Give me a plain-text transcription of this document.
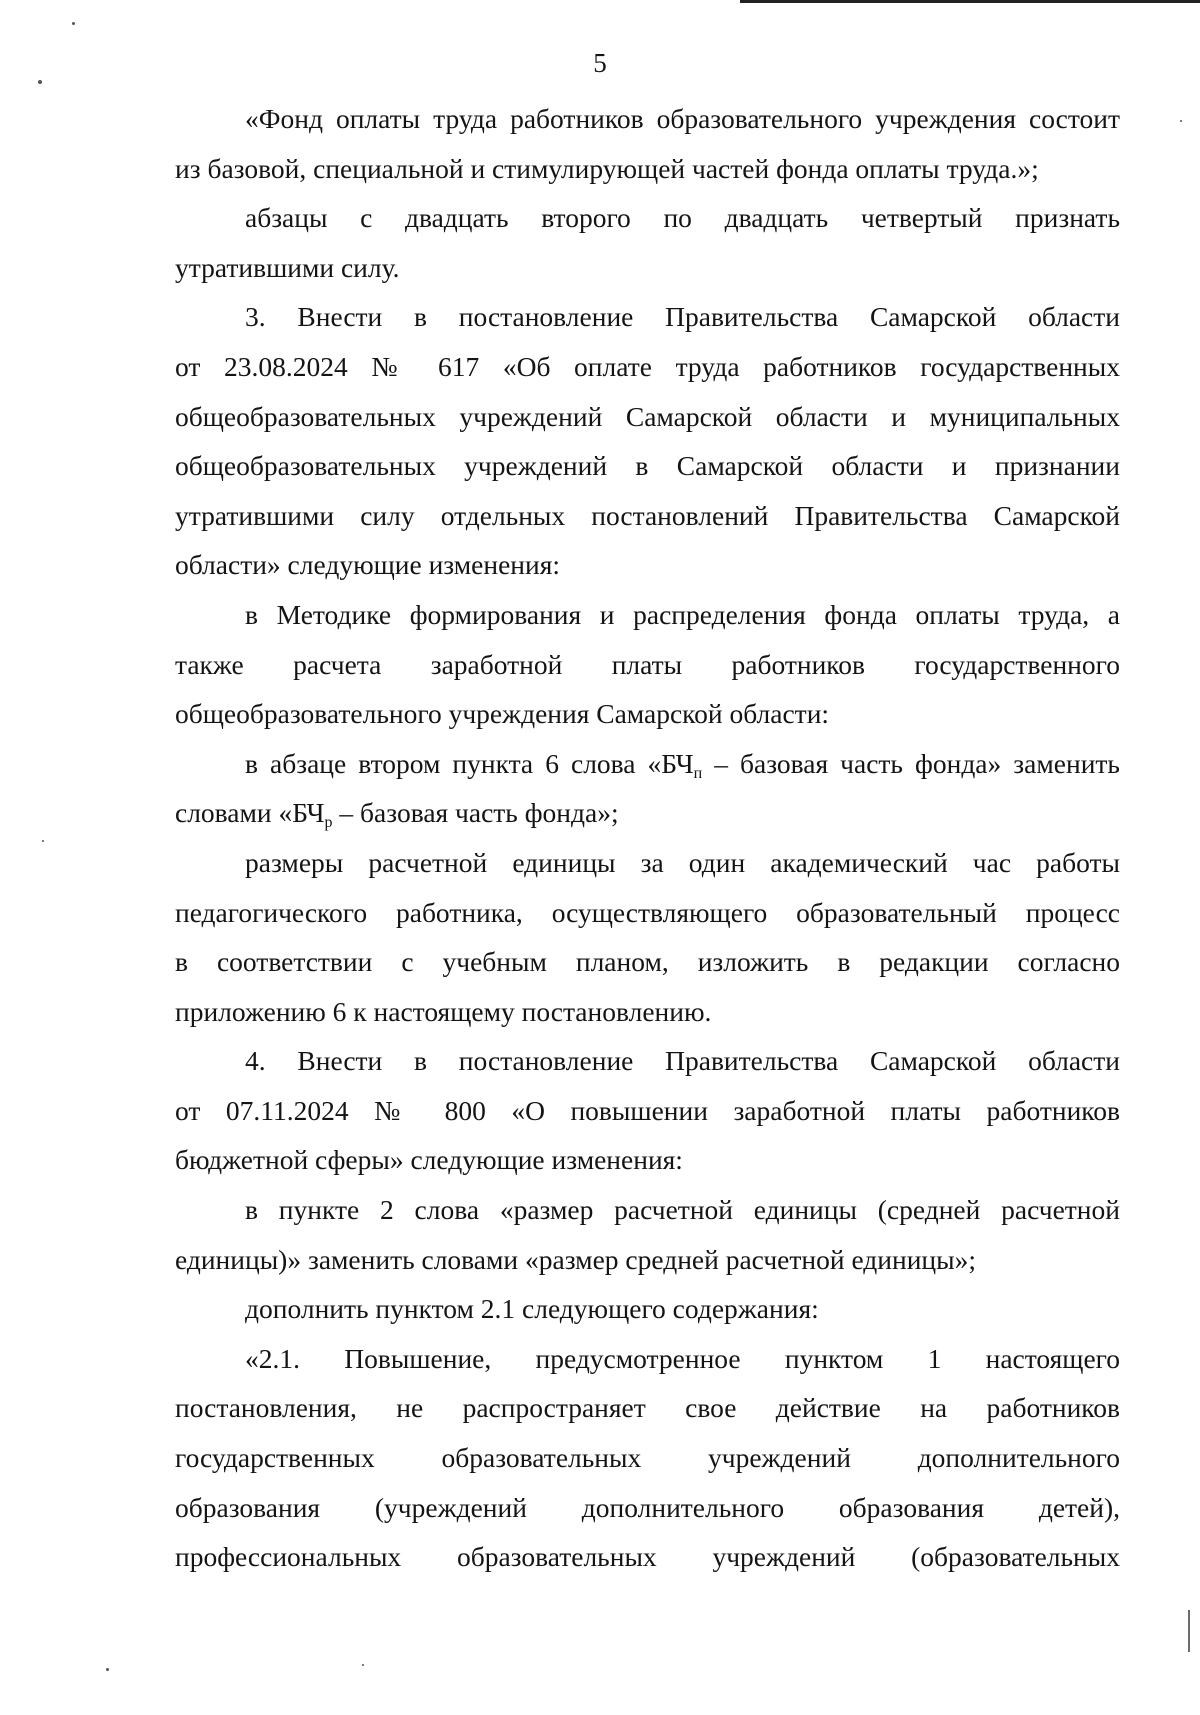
5

«Фонд оплаты труда работников образовательного учреждения состоит

из базовой, специальной и стимулирующей частей фонда оплаты труда.»;

абзацы с двадцать второго по двадцать четвертый признать

утратившими силу.

3. Внести в постановление Правительства Самарской области

от 23.08.2024 № 617 «Об оплате труда работников государственных

общеобразовательных учреждений Самарской области и муниципальных

общеобразовательных учреждений в Самарской области и признании

утратившими силу отдельных постановлений Правительства Самарской

области» следующие изменения:

в Методике формирования и распределения фонда оплаты труда, а

также расчета заработной платы работников государственного

общеобразовательного учреждения Самарской области:

в абзаце втором пункта 6 слова «$БЧ_п$ – базовая часть фонда» заменить

словами «$БЧ_р$ – базовая часть фонда»;

размеры расчетной единицы за один академический час работы

педагогического работника, осуществляющего образовательный процесс

в соответствии с учебным планом, изложить в редакции согласно

приложению 6 к настоящему постановлению.

4. Внести в постановление Правительства Самарской области

от 07.11.2024 № 800 «О повышении заработной платы работников

бюджетной сферы» следующие изменения:

в пункте 2 слова «размер расчетной единицы (средней расчетной

единицы)» заменить словами «размер средней расчетной единицы»;

дополнить пунктом 2.1 следующего содержания:

«2.1. Повышение, предусмотренное пунктом 1 настоящего

постановления, не распространяет свое действие на работников

государственных образовательных учреждений дополнительного

образования (учреждений дополнительного образования детей),

профессиональных образовательных учреждений (образовательных
